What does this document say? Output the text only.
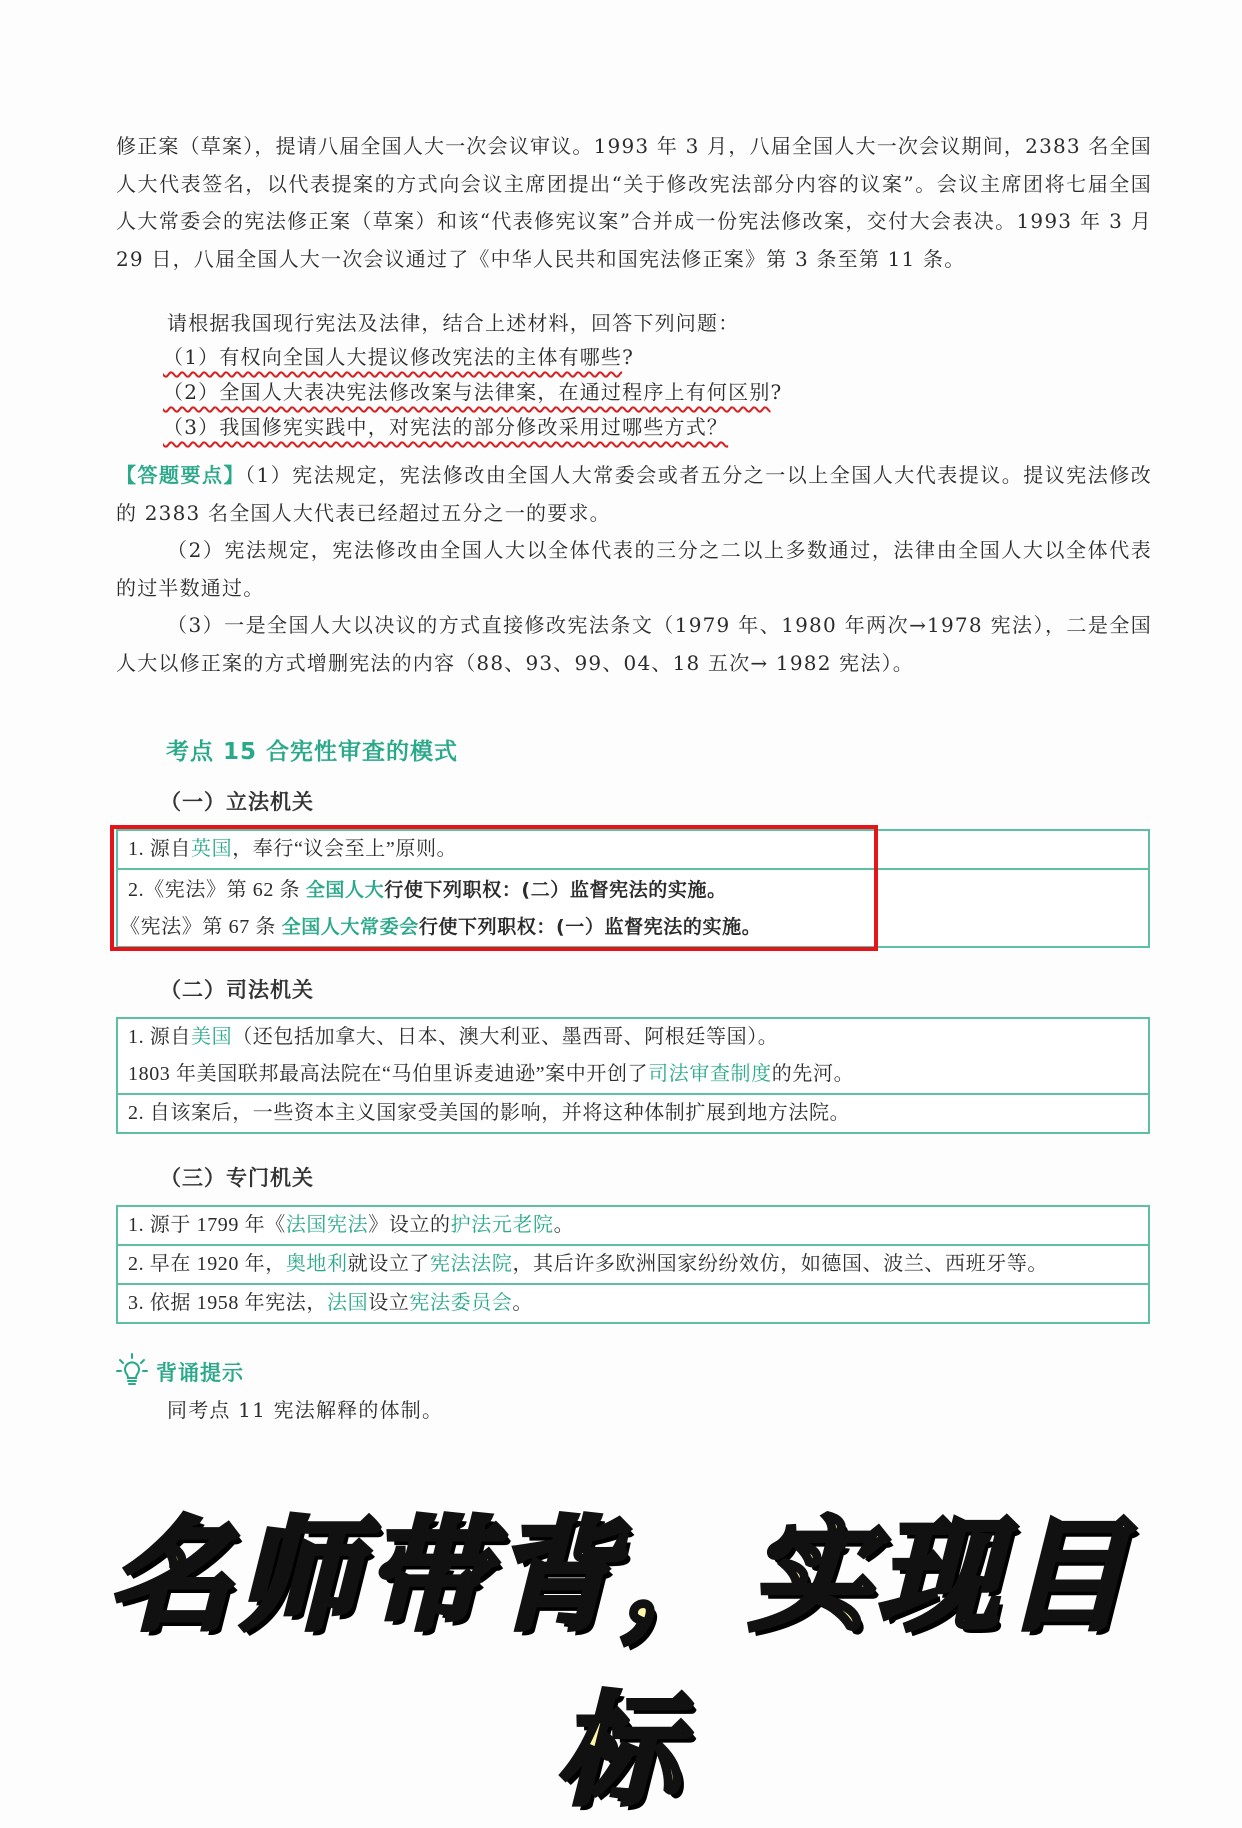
修正案（草案），提请八届全国人大一次会议审议。1993 年 3 月，八届全国人大一次会议期间，2383 名全国人大代表签名，以代表提案的方式向会议主席团提出“关于修改宪法部分内容的议案”。会议主席团将七届全国人大常委会的宪法修正案（草案）和该“代表修宪议案”合并成一份宪法修改案，交付大会表决。1993 年 3 月 29 日，八届全国人大一次会议通过了《中华人民共和国宪法修正案》第 3 条至第 11 条。

请根据我国现行宪法及法律，结合上述材料，回答下列问题：

（1）有权向全国人大提议修改宪法的主体有哪些?

（2）全国人大表决宪法修改案与法律案，在通过程序上有何区别?

（3）我国修宪实践中，对宪法的部分修改采用过哪些方式？

【答题要点】（1）宪法规定，宪法修改由全国人大常委会或者五分之一以上全国人大代表提议。提议宪法修改的 2383 名全国人大代表已经超过五分之一的要求。

（2）宪法规定，宪法修改由全国人大以全体代表的三分之二以上多数通过，法律由全国人大以全体代表的过半数通过。

（3）一是全国人大以决议的方式直接修改宪法条文（1979 年、1980 年两次→1978 宪法），二是全国人大以修正案的方式增删宪法的内容（88、93、99、04、18 五次→ 1982 宪法）。

考点 15 合宪性审查的模式
（一）立法机关
1. 源自英国，奉行“议会至上”原则。
2.《宪法》第 62 条 全国人大行使下列职权：(二）监督宪法的实施。
《宪法》第 67 条 全国人大常委会行使下列职权：(一）监督宪法的实施。
（二）司法机关
1. 源自美国（还包括加拿大、日本、澳大利亚、墨西哥、阿根廷等国）。
1803 年美国联邦最高法院在“马伯里诉麦迪逊”案中开创了司法审查制度的先河。
2. 自该案后，一些资本主义国家受美国的影响，并将这种体制扩展到地方法院。
（三）专门机关
1. 源于 1799 年《法国宪法》设立的护法元老院。
2. 早在 1920 年，奥地利就设立了宪法法院，其后许多欧洲国家纷纷效仿，如德国、波兰、西班牙等。
3. 依据 1958 年宪法，法国设立宪法委员会。
背诵提示

同考点 11 宪法解释的体制。

名师带背，实现目标
